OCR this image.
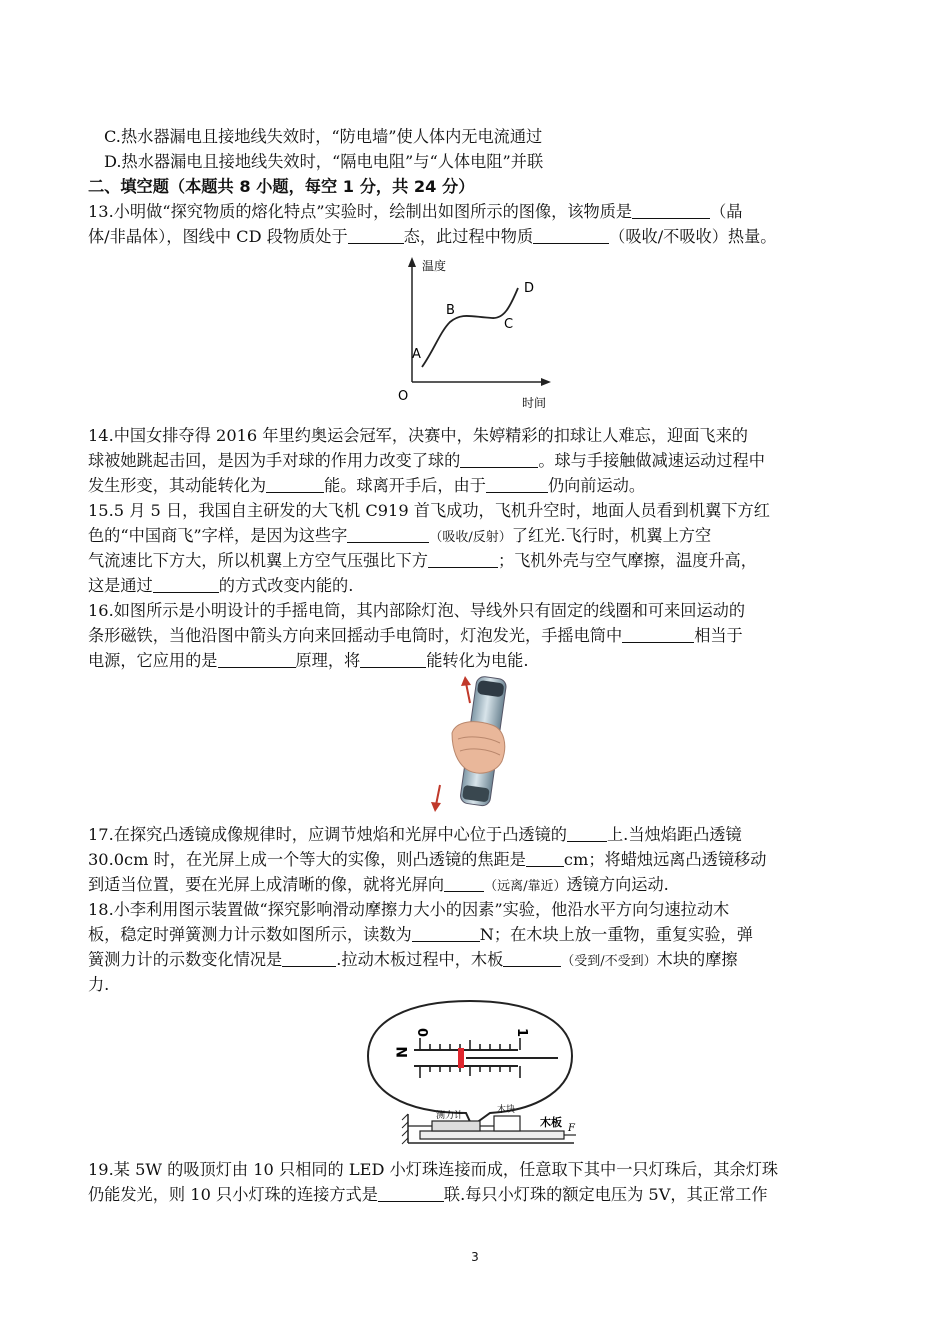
C.热水器漏电且接地线失效时，“防电墙”使人体内无电流通过
D.热水器漏电且接地线失效时，“隔电电阻”与“人体电阻”并联
二、填空题（本题共 8 小题，每空 1 分，共 24 分）
13.小明做“探究物质的熔化特点”实验时，绘制出如图所示的图像，该物质是	（晶
体/非晶体），图线中 CD 段物质处于	态，此过程中物质	（吸收/不吸收）热量。
温度
时间
O
A
B
C
D
14.中国女排夺得 2016 年里约奥运会冠军，决赛中，朱婷精彩的扣球让人难忘，迎面飞来的
球被她跳起击回，是因为手对球的作用力改变了球的	。球与手接触做减速运动过程中
发生形变，其动能转化为	能。球离开手后，由于	仍向前运动。
15.5 月 5 日，我国自主研发的大飞机 C919 首飞成功，飞机升空时，地面人员看到机翼下方红
色的“中国商飞”字样，是因为这些字	（吸收/反射）了红光.飞行时，机翼上方空
气流速比下方大，所以机翼上方空气压强比下方	；飞机外壳与空气摩擦，温度升高，
这是通过	的方式改变内能的.
16.如图所示是小明设计的手摇电筒，其内部除灯泡、导线外只有固定的线圈和可来回运动的
条形磁铁，当他沿图中箭头方向来回摇动手电筒时，灯泡发光，手摇电筒中	相当于
电源，它应用的是	原理，将	能转化为电能.
17.在探究凸透镜成像规律时，应调节烛焰和光屏中心位于凸透镜的 上.当烛焰距凸透镜
30.0cm 时，在光屏上成一个等大的实像，则凸透镜的焦距是 cm；将蜡烛远离凸透镜移动
到适当位置，要在光屏上成清晰的像，就将光屏向	（远离/靠近）透镜方向运动.
18.小李利用图示装置做“探究影响滑动摩擦力大小的因素”实验，他沿水平方向匀速拉动木
板，稳定时弹簧测力计示数如图所示，读数为	N；在木块上放一重物，重复实验，弹
簧测力计的示数变化情况是	.拉动木板过程中，木板	（受到/不受到）木块的摩擦
力.
N
0	1
测力计
木块
木板 F
19.某 5W 的吸顶灯由 10 只相同的 LED 小灯珠连接而成，任意取下其中一只灯珠后，其余灯珠
仍能发光，则 10 只小灯珠的连接方式是	联.每只小灯珠的额定电压为 5V，其正常工作
3
